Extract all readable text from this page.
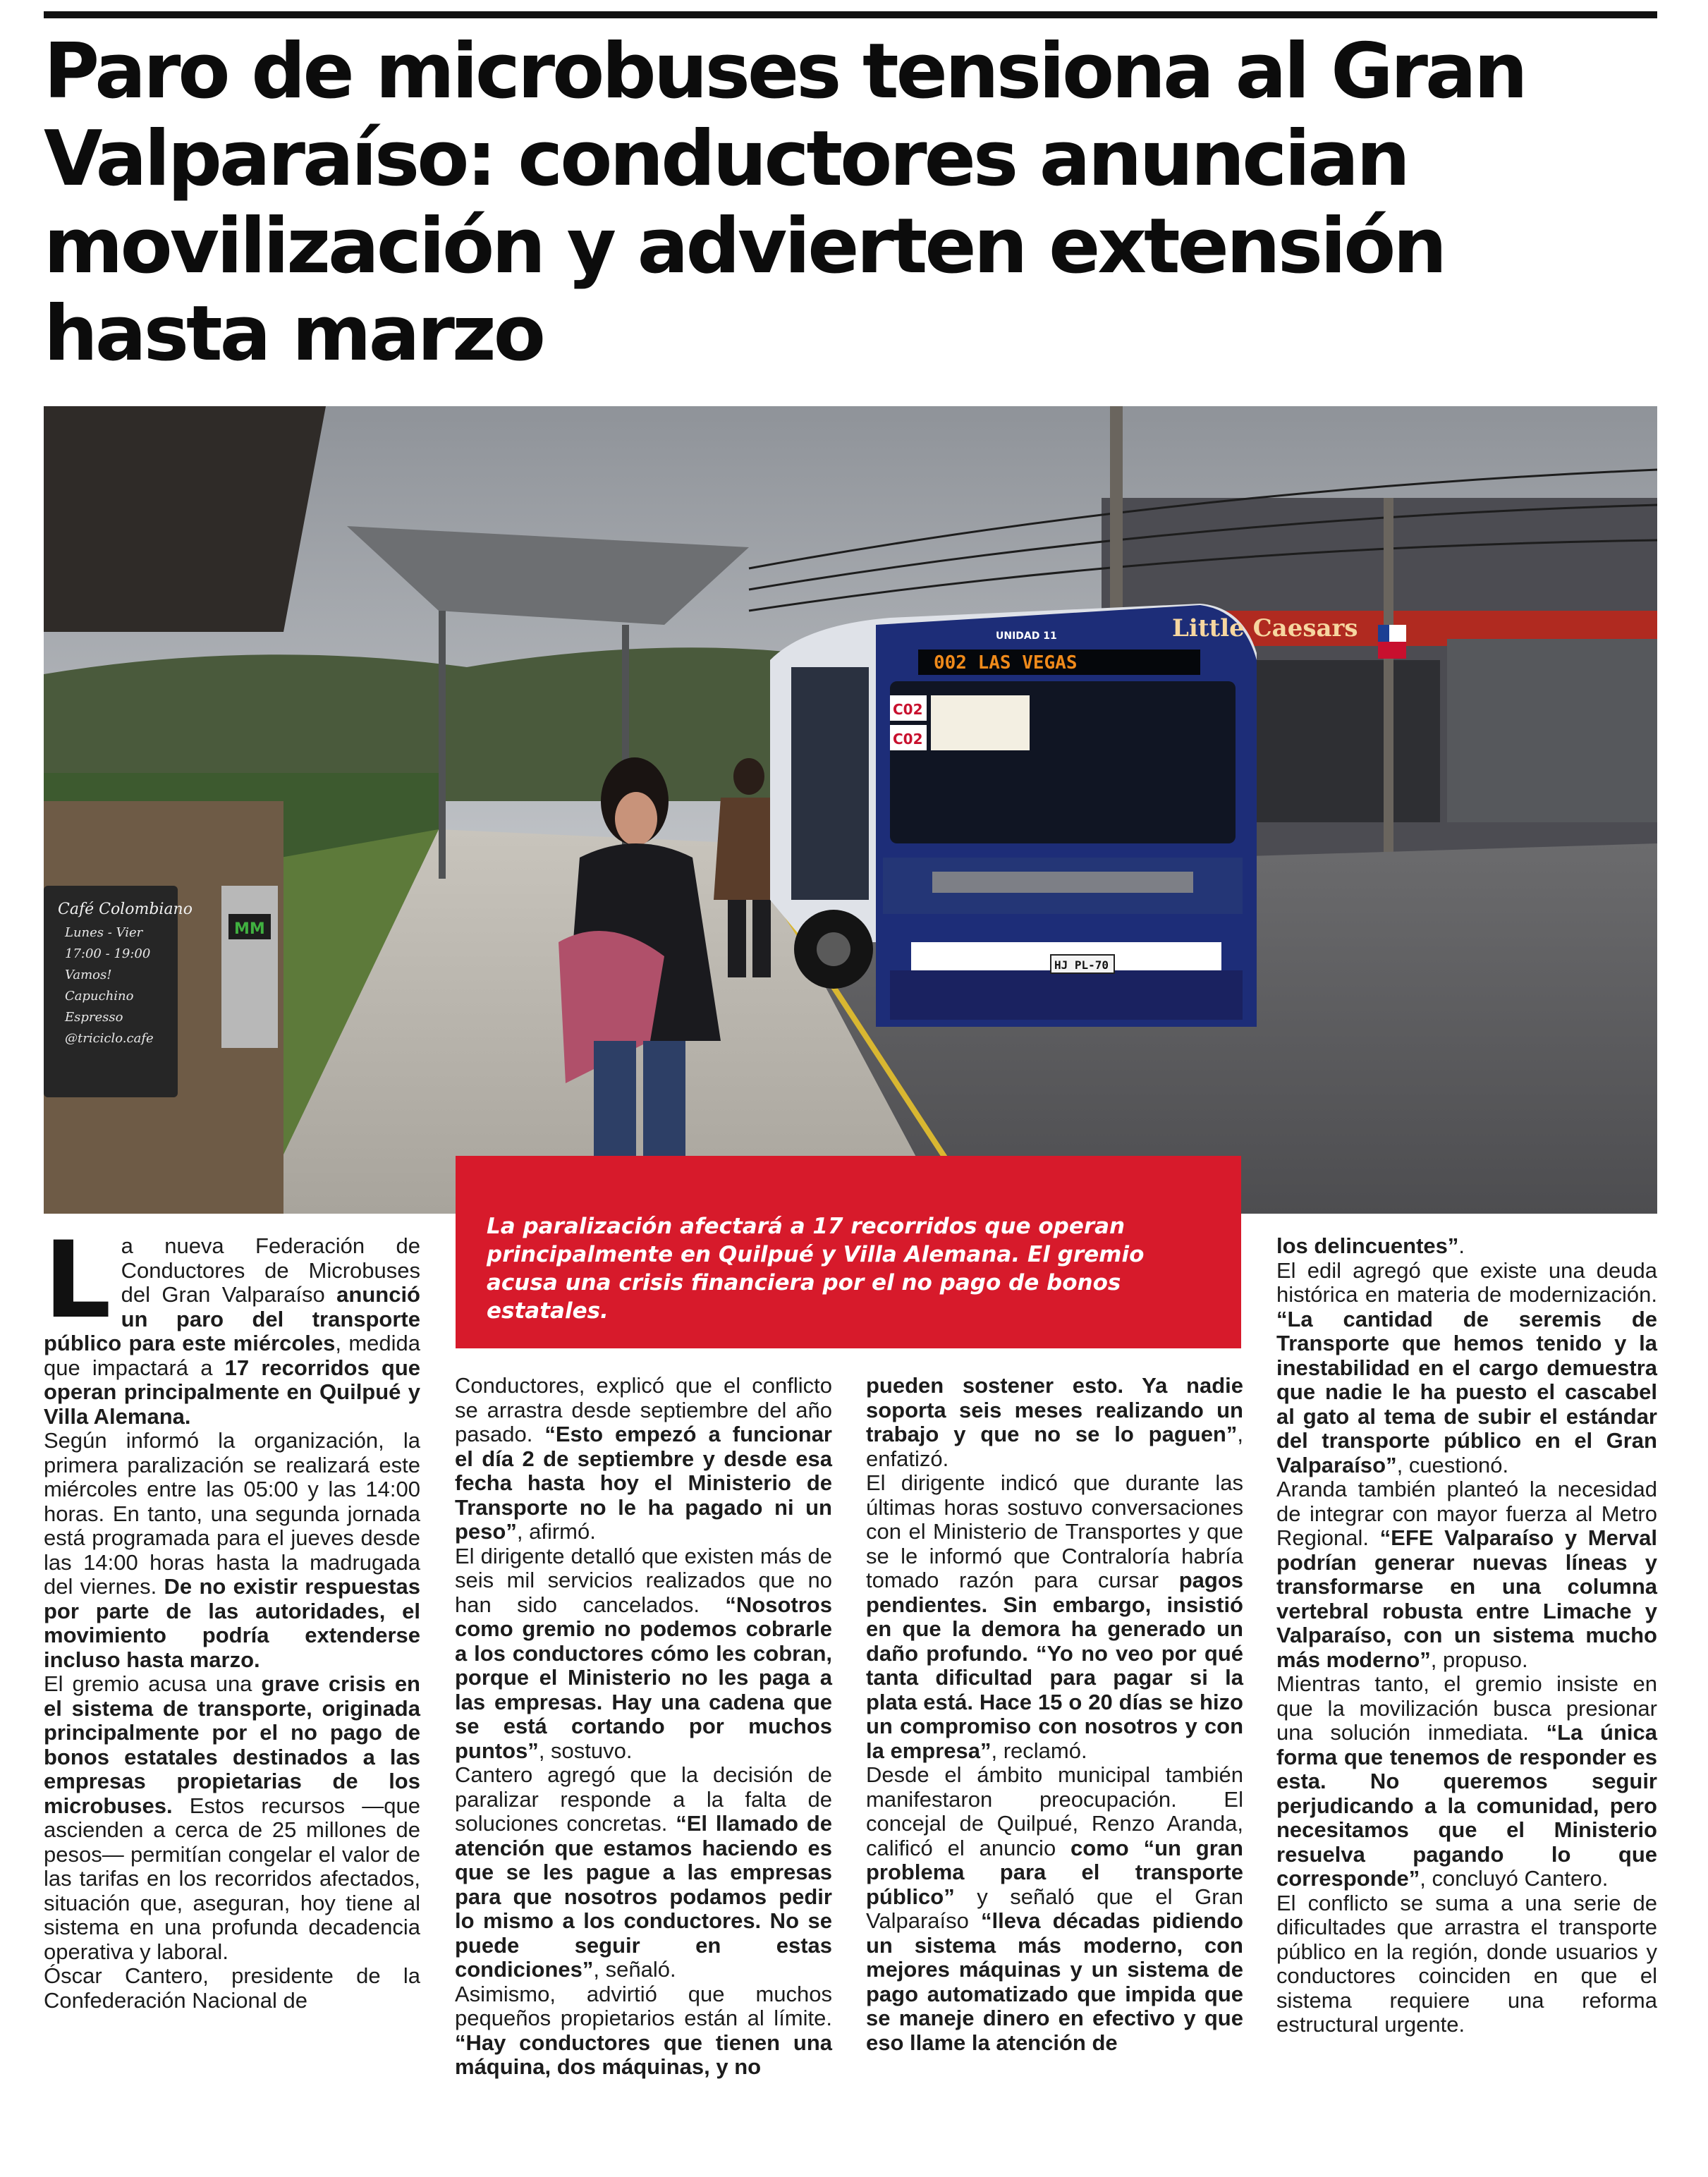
Paro de microbuses tensiona al Gran Valparaíso: conductores anuncian movilización y advierten extensión hasta marzo
Café Colombiano
Lunes - Vier
17:00 - 19:00
Vamos!
Capuchino
Espresso
@triciclo.cafe
MM
002 LAS VEGAS
UNIDAD 11
C02
C02
HJ PL-70
Little Caesars

La paralización afectará a 17 recorridos que operan principalmente en Quilpué y Villa Alemana. El gremio acusa una crisis financiera por el no pago de bonos estatales.

L a nueva Federación de Conductores de Microbuses del Gran Valparaíso anunció un paro del transporte público para este miércoles, medida que impactará a 17 recorridos que operan principalmente en Quilpué y Villa Alemana.

Según informó la organización, la primera paralización se realizará este miércoles entre las 05:00 y las 14:00 horas. En tanto, una segunda jornada está programada para el jueves desde las 14:00 horas hasta la madrugada del viernes. De no existir respuestas por parte de las autoridades, el movimiento podría extenderse incluso hasta marzo.

El gremio acusa una grave crisis en el sistema de transporte, originada principalmente por el no pago de bonos estatales destinados a las empresas propietarias de los microbuses. Estos recursos —que ascienden a cerca de 25 millones de pesos— permitían congelar el valor de las tarifas en los recorridos afectados, situación que, aseguran, hoy tiene al sistema en una profunda decadencia operativa y laboral.

Óscar Cantero, presidente de la Confederación Nacional de

Conductores, explicó que el conflicto se arrastra desde septiembre del año pasado. “Esto empezó a funcionar el día 2 de septiembre y desde esa fecha hasta hoy el Ministerio de Transporte no le ha pagado ni un peso”, afirmó.

El dirigente detalló que existen más de seis mil servicios realizados que no han sido cancelados. “Nosotros como gremio no podemos cobrarle a los conductores cómo les cobran, porque el Ministerio no les paga a las empresas. Hay una cadena que se está cortando por muchos puntos”, sostuvo.

Cantero agregó que la decisión de paralizar responde a la falta de soluciones concretas. “El llamado de atención que estamos haciendo es que se les pague a las empresas para que nosotros podamos pedir lo mismo a los conductores. No se puede seguir en estas condiciones”, señaló.

Asimismo, advirtió que muchos pequeños propietarios están al límite. “Hay conductores que tienen una máquina, dos máquinas, y no

pueden sostener esto. Ya nadie soporta seis meses realizando un trabajo y que no se lo paguen”, enfatizó.

El dirigente indicó que durante las últimas horas sostuvo conversaciones con el Ministerio de Transportes y que se le informó que Contraloría habría tomado razón para cursar pagos pendientes. Sin embargo, insistió en que la demora ha generado un daño profundo. “Yo no veo por qué tanta dificultad para pagar si la plata está. Hace 15 o 20 días se hizo un compromiso con nosotros y con la empresa”, reclamó.

Desde el ámbito municipal también manifestaron preocupación. El concejal de Quilpué, Renzo Aranda, calificó el anuncio como “un gran problema para el transporte público” y señaló que el Gran Valparaíso “lleva décadas pidiendo un sistema más moderno, con mejores máquinas y un sistema de pago automatizado que impida que se maneje dinero en efectivo y que eso llame la atención de

los delincuentes”.

El edil agregó que existe una deuda histórica en materia de modernización. “La cantidad de seremis de Transporte que hemos tenido y la inestabilidad en el cargo demuestra que nadie le ha puesto el cascabel al gato al tema de subir el estándar del transporte público en el Gran Valparaíso”, cuestionó.

Aranda también planteó la necesidad de integrar con mayor fuerza al Metro Regional. “EFE Valparaíso y Merval podrían generar nuevas líneas y transformarse en una columna vertebral robusta entre Limache y Valparaíso, con un sistema mucho más moderno”, propuso.

Mientras tanto, el gremio insiste en que la movilización busca presionar una solución inmediata. “La única forma que tenemos de responder es esta. No queremos seguir perjudicando a la comunidad, pero necesitamos que el Ministerio resuelva pagando lo que corresponde”, concluyó Cantero.

El conflicto se suma a una serie de dificultades que arrastra el transporte público en la región, donde usuarios y conductores coinciden en que el sistema requiere una reforma estructural urgente.
